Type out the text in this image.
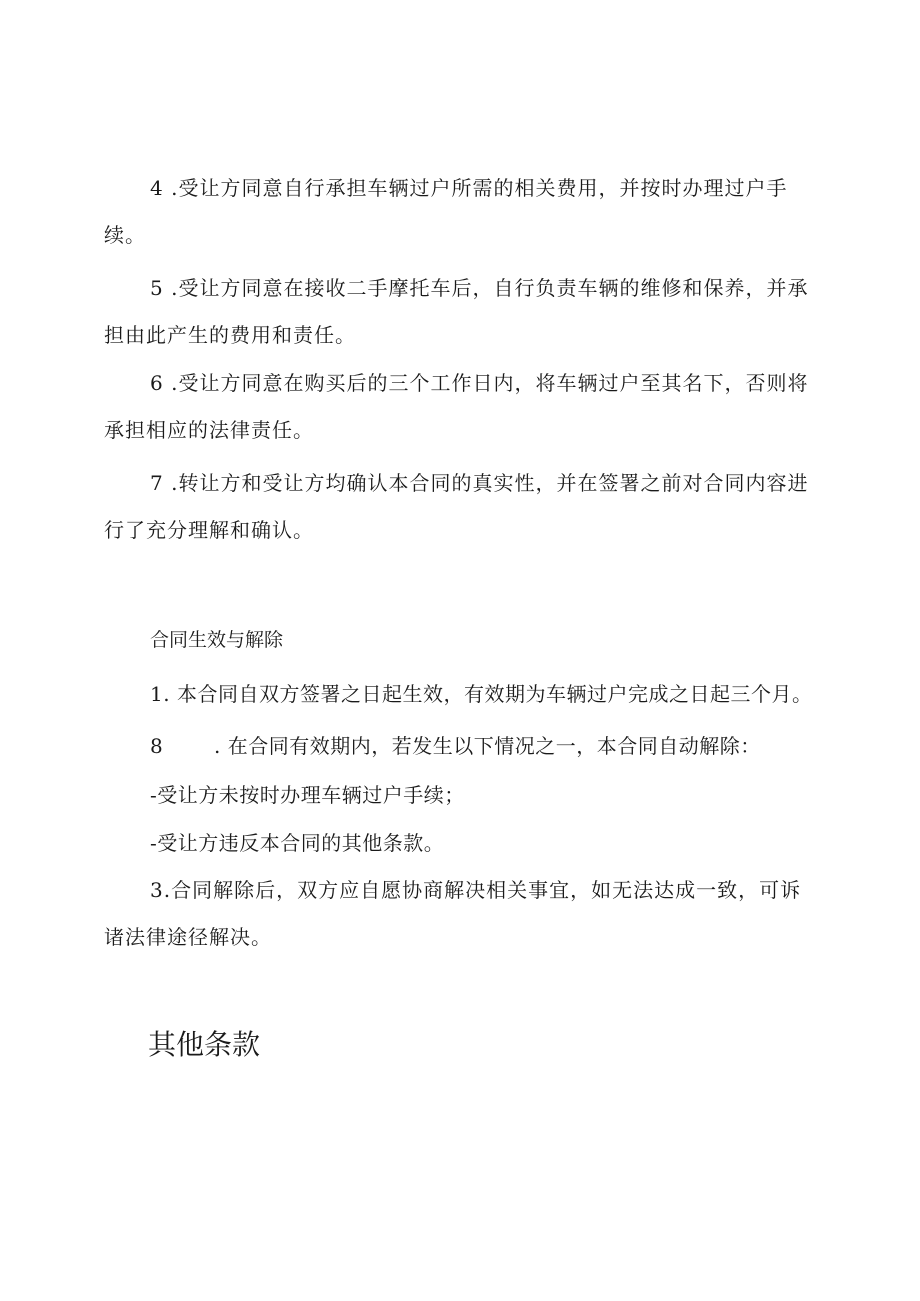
4 .受让方同意自行承担车辆过户所需的相关费用，并按时办理过户手续。

5 .受让方同意在接收二手摩托车后，自行负责车辆的维修和保养，并承担由此产生的费用和责任。

6 .受让方同意在购买后的三个工作日内，将车辆过户至其名下，否则将承担相应的法律责任。

7 .转让方和受让方均确认本合同的真实性，并在签署之前对合同内容进行了充分理解和确认。

合同生效与解除

1. 本合同自双方签署之日起生效，有效期为车辆过户完成之日起三个月。

8	. 在合同有效期内，若发生以下情况之一，本合同自动解除：

-受让方未按时办理车辆过户手续；

-受让方违反本合同的其他条款。

3.合同解除后，双方应自愿协商解决相关事宜，如无法达成一致，可诉诸法律途径解决。

其他条款
